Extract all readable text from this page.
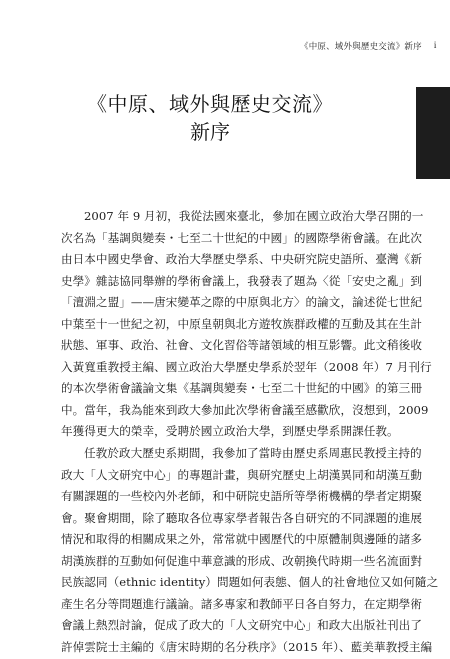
《中原、域外與歷史交流》新序 i
《中原、域外與歷史交流》
新序

2007 年 9 月初，我從法國來臺北，參加在國立政治大學召開的一
次名為「基調與變奏・七至二十世紀的中國」的國際學術會議。在此次
由日本中國史學會、政治大學歷史學系、中央研究院史語所、臺灣《新
史學》雜誌協同舉辦的學術會議上，我發表了題為〈從「安史之亂」到
「澶淵之盟」——唐宋變革之際的中原與北方〉的論文，論述從七世紀
中葉至十一世紀之初，中原皇朝與北方遊牧族群政權的互動及其在生計
狀態、軍事、政治、社會、文化習俗等諸領域的相互影響。此文稍後收
入黃寬重教授主編、國立政治大學歷史學系於翌年（2008 年）7 月刊行
的本次學術會議論文集《基調與變奏・七至二十世紀的中國》的第三冊
中。當年，我為能來到政大參加此次學術會議至感歡欣，沒想到，2009
年獲得更大的榮幸，受聘於國立政治大學，到歷史學系開課任教。

任教於政大歷史系期間，我參加了當時由歷史系周惠民教授主持的
政大「人文研究中心」的專題計畫，與研究歷史上胡漢異同和胡漢互動
有關課題的一些校內外老師，和中研院史語所等學術機構的學者定期聚
會。聚會期間，除了聽取各位專家學者報告各自研究的不同課題的進展
情況和取得的相關成果之外，常常就中國歷代的中原體制與邊陲的諸多
胡漢族群的互動如何促進中華意識的形成、改朝換代時期一些名流面對
民族認同（ethnic identity）問題如何表態、個人的社會地位又如何隨之
產生名分等問題進行議論。諸多專家和教師平日各自努力，在定期學術
會議上熱烈討論，促成了政大的「人文研究中心」和政大出版社刊出了
許倬雲院士主編的《唐宋時期的名分秩序》（2015 年）、藍美華教授主編
